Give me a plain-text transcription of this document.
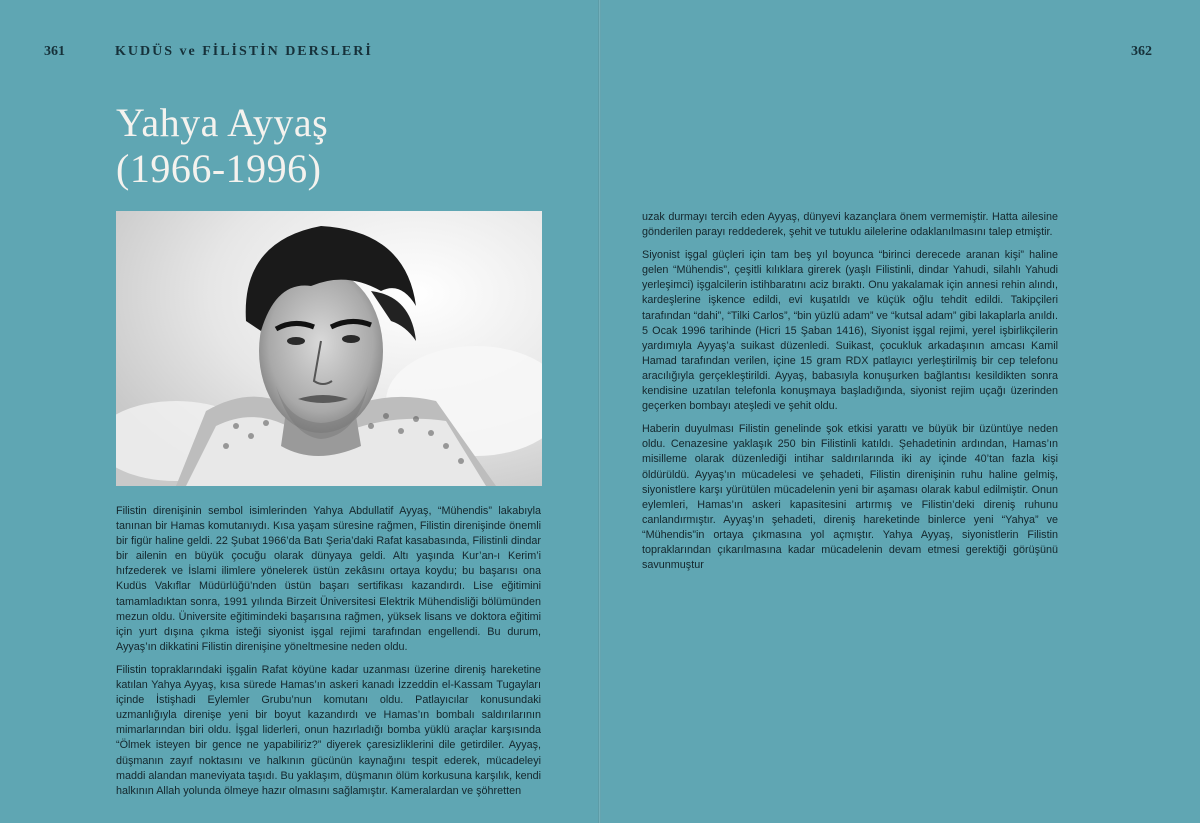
361	KUDÜS ve FİLİSTİN DERSLERİ
Yahya Ayyaş
(1966-1996)

Filistin direnişinin sembol isimlerinden Yahya Abdullatif Ayyaş, “Mühendis” lakabıyla tanınan bir Hamas komutanıydı. Kısa yaşam süresine rağmen, Filistin direnişinde önemli bir figür haline geldi. 22 Şubat 1966’da Batı Şeria’daki Rafat kasabasında, Filistinli dindar bir ailenin en büyük çocuğu olarak dünyaya geldi. Altı yaşında Kur’an-ı Kerim’i hıfzederek ve İslami ilimlere yönelerek üstün zekâsını ortaya koydu; bu başarısı ona Kudüs Vakıflar Müdürlüğü’nden üstün başarı sertifikası kazandırdı. Lise eğitimini tamamladıktan sonra, 1991 yılında Birzeit Üniversitesi Elektrik Mühendisliği bölümünden mezun oldu. Üniversite eğitimindeki başarısına rağmen, yüksek lisans ve doktora eğitimi için yurt dışına çıkma isteği siyonist işgal rejimi tarafından engellendi. Bu durum, Ayyaş’ın dikkatini Filistin direnişine yöneltmesine neden oldu.

Filistin topraklarındaki işgalin Rafat köyüne kadar uzanması üzerine direniş hareketine katılan Yahya Ayyaş, kısa sürede Hamas’ın askeri kanadı İzzeddin el-Kassam Tugayları içinde İstişhadi Eylemler Grubu’nun komutanı oldu. Patlayıcılar konusundaki uzmanlığıyla direnişe yeni bir boyut kazandırdı ve Hamas’ın bombalı saldırılarının mimarlarından biri oldu. İşgal liderleri, onun hazırladığı bomba yüklü araçlar karşısında “Ölmek isteyen bir gence ne yapabiliriz?” diyerek çaresizliklerini dile getirdiler. Ayyaş, düşmanın zayıf noktasını ve halkının gücünün kaynağını tespit ederek, mücadeleyi maddi alandan maneviyata taşıdı. Bu yaklaşım, düşmanın ölüm korkusuna karşılık, kendi halkının Allah yolunda ölmeye hazır olmasını sağlamıştır. Kameralardan ve şöhretten

362

uzak durmayı tercih eden Ayyaş, dünyevi kazançlara önem vermemiştir. Hatta ailesine gönderilen parayı reddederek, şehit ve tutuklu ailelerine odaklanılmasını talep etmiştir.

Siyonist işgal güçleri için tam beş yıl boyunca “birinci derecede aranan kişi” haline gelen “Mühendis”, çeşitli kılıklara girerek (yaşlı Filistinli, dindar Yahudi, silahlı Yahudi yerleşimci) işgalcilerin istihbaratını aciz bıraktı. Onu yakalamak için annesi rehin alındı, kardeşlerine işkence edildi, evi kuşatıldı ve küçük oğlu tehdit edildi. Takipçileri tarafından “dahi”, “Tilki Carlos”, “bin yüzlü adam” ve “kutsal adam” gibi lakaplarla anıldı. 5 Ocak 1996 tarihinde (Hicri 15 Şaban 1416), Siyonist işgal rejimi, yerel işbirlikçilerin yardımıyla Ayyaş’a suikast düzenledi. Suikast, çocukluk arkadaşının amcası Kamil Hamad tarafından verilen, içine 15 gram RDX patlayıcı yerleştirilmiş bir cep telefonu aracılığıyla gerçekleştirildi. Ayyaş, babasıyla konuşurken bağlantısı kesildikten sonra kendisine uzatılan telefonla konuşmaya başladığında, siyonist rejim uçağı üzerinden geçerken bombayı ateşledi ve şehit oldu.

Haberin duyulması Filistin genelinde şok etkisi yarattı ve büyük bir üzüntüye neden oldu. Cenazesine yaklaşık 250 bin Filistinli katıldı. Şehadetinin ardından, Hamas’ın misilleme olarak düzenlediği intihar saldırılarında iki ay içinde 40’tan fazla kişi öldürüldü. Ayyaş’ın mücadelesi ve şehadeti, Filistin direnişinin ruhu haline gelmiş, siyonistlere karşı yürütülen mücadelenin yeni bir aşaması olarak kabul edilmiştir. Onun eylemleri, Hamas’ın askeri kapasitesini artırmış ve Filistin’deki direniş ruhunu canlandırmıştır. Ayyaş’ın şehadeti, direniş hareketinde binlerce yeni “Yahya” ve “Mühendis”in ortaya çıkmasına yol açmıştır. Yahya Ayyaş, siyonistlerin Filistin topraklarından çıkarılmasına kadar mücadelenin devam etmesi gerektiği görüşünü savunmuştur
